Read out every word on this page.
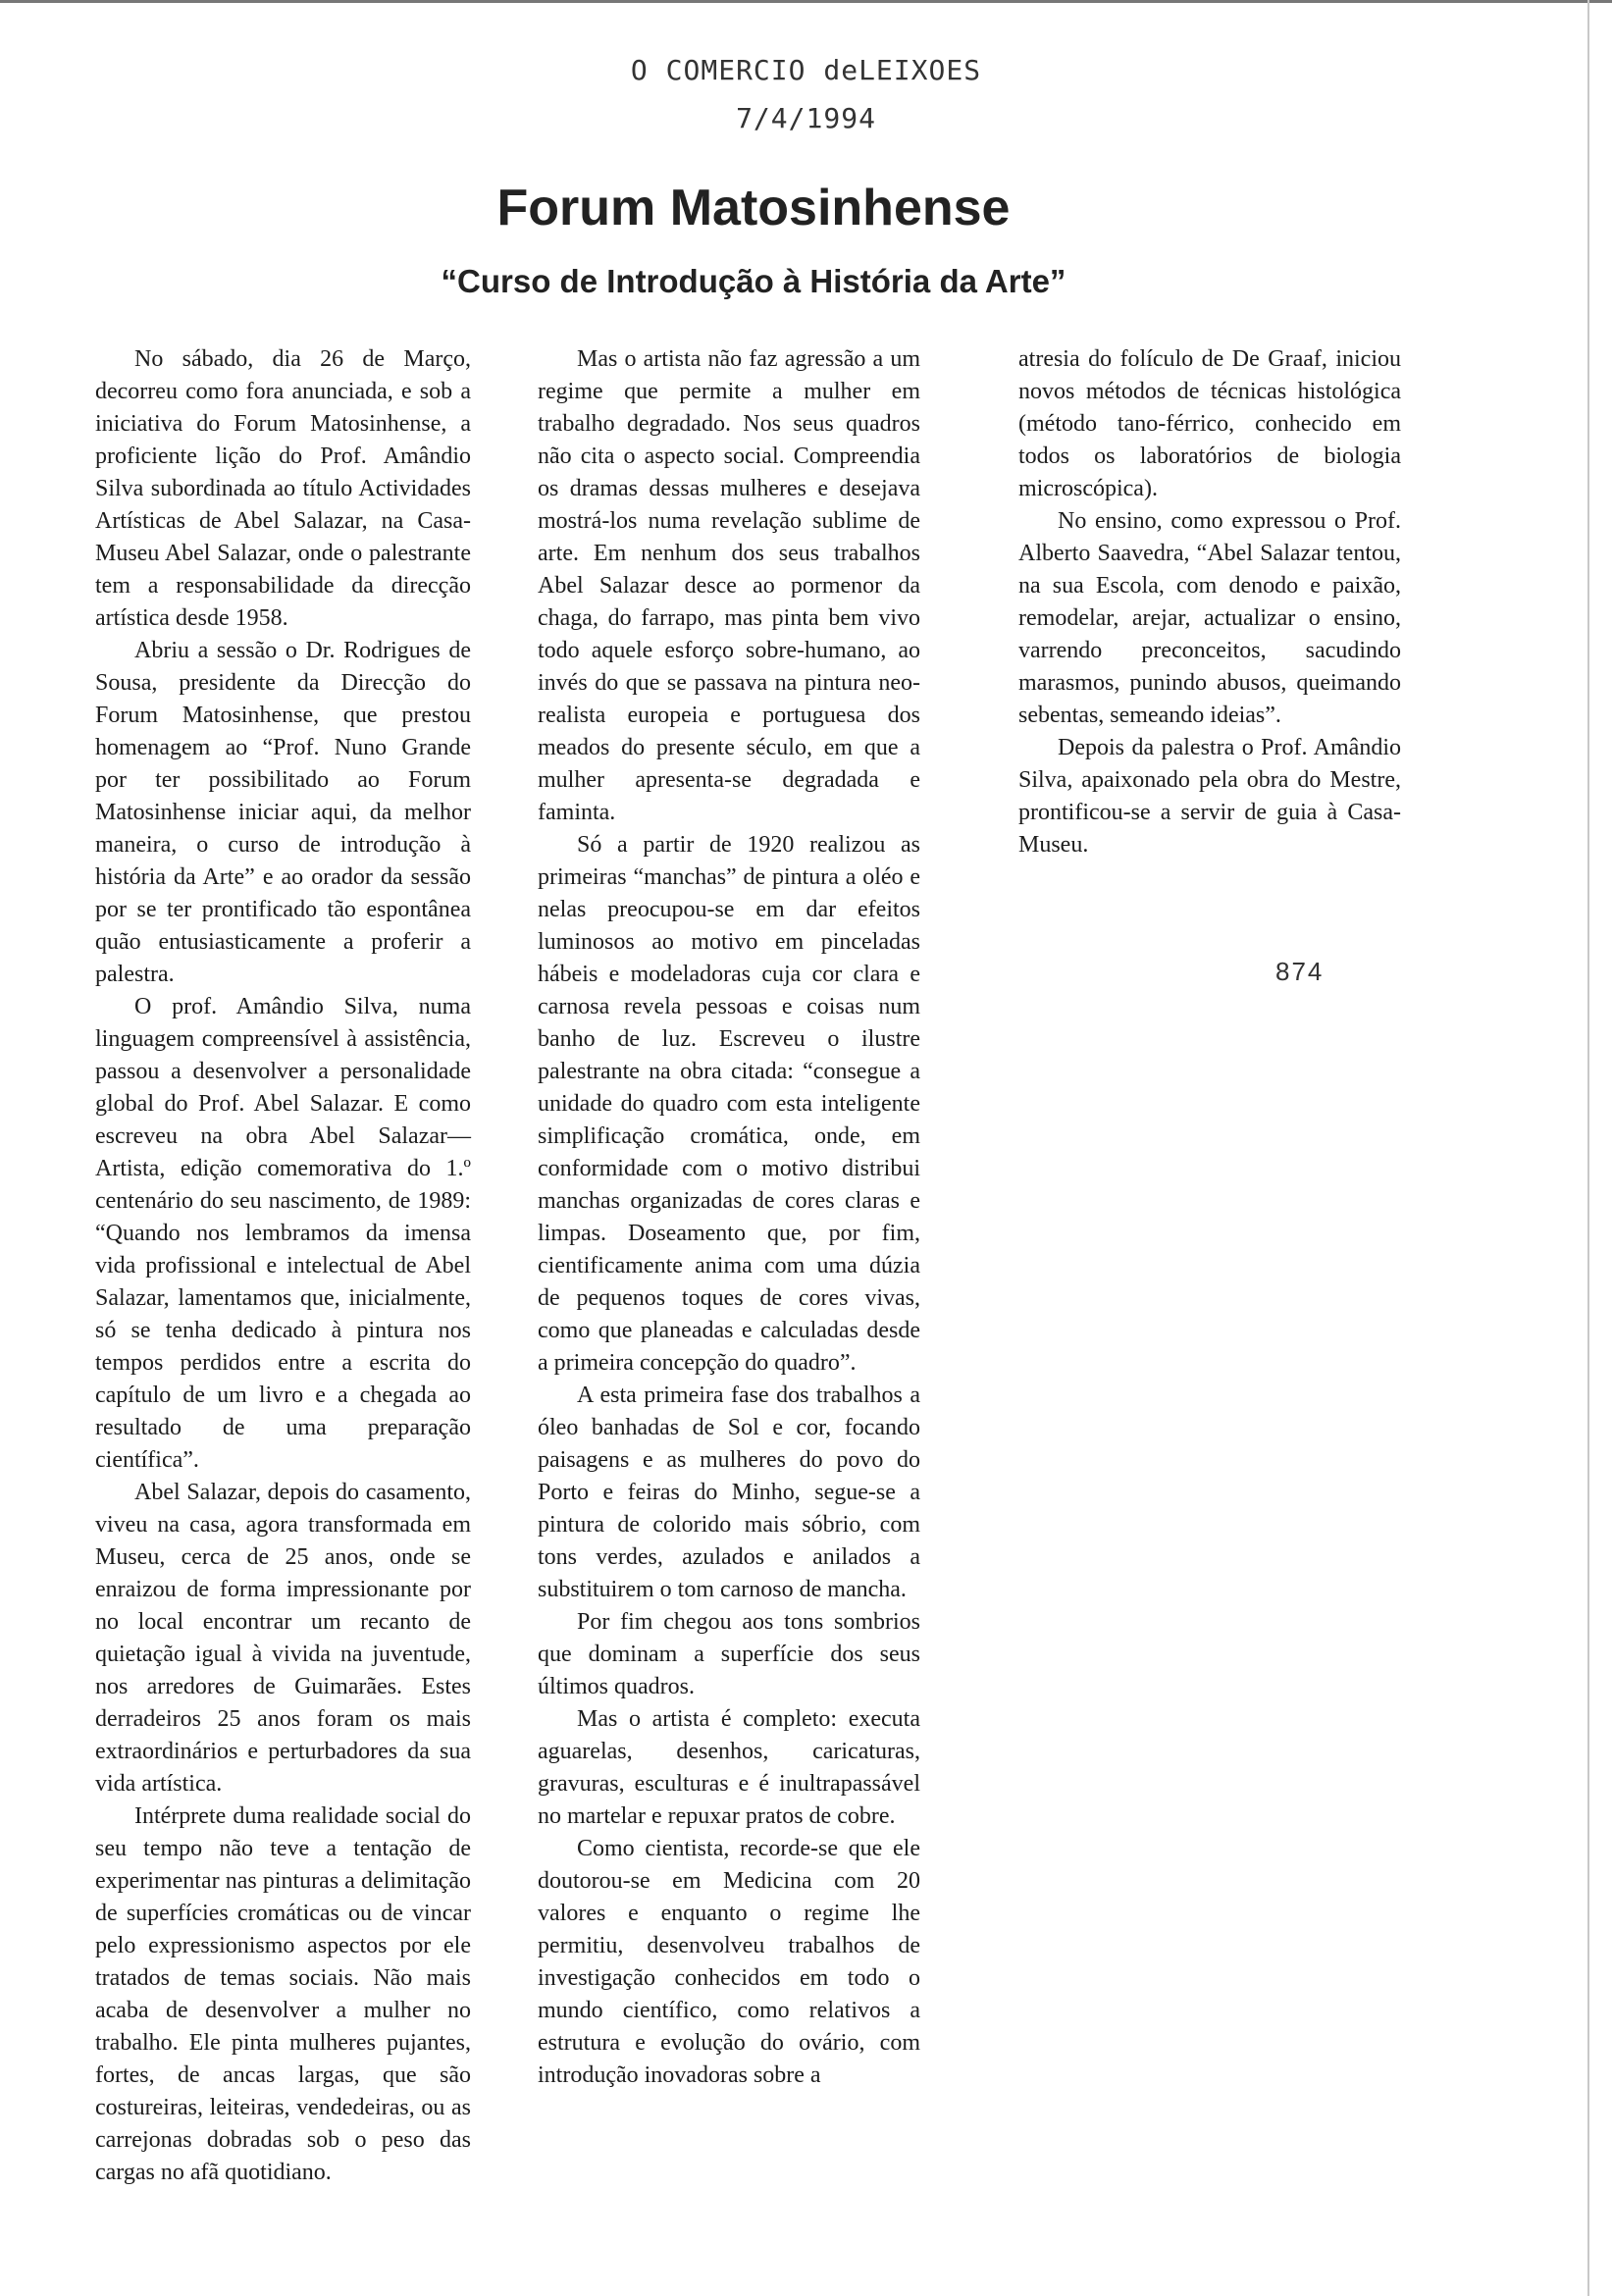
O COMERCIO deLEIXOES
7/4/1994
Forum Matosinhense
“Curso de Introdução à História da Arte”

No sábado, dia 26 de Março, decorreu como fora anunciada, e sob a iniciativa do Forum Matosinhense, a proficiente lição do Prof. Amândio Silva subordinada ao título Actividades Artísticas de Abel Salazar, na Casa-Museu Abel Salazar, onde o palestrante tem a responsabilidade da direcção artística desde 1958.

Abriu a sessão o Dr. Rodrigues de Sousa, presidente da Direcção do Forum Matosinhense, que prestou homenagem ao “Prof. Nuno Grande por ter possibilitado ao Forum Matosinhense iniciar aqui, da melhor maneira, o curso de introdução à história da Arte” e ao orador da sessão por se ter prontificado tão espontânea quão entusiasticamente a proferir a palestra.

O prof. Amândio Silva, numa linguagem compreensível à assistência, passou a desenvolver a personalidade global do Prof. Abel Salazar. E como escreveu na obra Abel Salazar—Artista, edição comemorativa do 1.º centenário do seu nascimento, de 1989: “Quando nos lembramos da imensa vida profissional e intelectual de Abel Salazar, lamentamos que, inicialmente, só se tenha dedicado à pintura nos tempos perdidos entre a escrita do capítulo de um livro e a chegada ao resultado de uma preparação científica”.

Abel Salazar, depois do casamento, viveu na casa, agora transformada em Museu, cerca de 25 anos, onde se enraizou de forma impressionante por no local encontrar um recanto de quietação igual à vivida na juventude, nos arredores de Guimarães. Estes derradeiros 25 anos foram os mais extraordinários e perturbadores da sua vida artística.

Intérprete duma realidade social do seu tempo não teve a tentação de experimentar nas pinturas a delimitação de superfícies cromáticas ou de vincar pelo expressionismo aspectos por ele tratados de temas sociais. Não mais acaba de desenvolver a mulher no trabalho. Ele pinta mulheres pujantes, fortes, de ancas largas, que são costureiras, leiteiras, vendedeiras, ou as carrejonas dobradas sob o peso das cargas no afã quotidiano.

Mas o artista não faz agressão a um regime que permite a mulher em trabalho degradado. Nos seus quadros não cita o aspecto social. Compreendia os dramas dessas mulheres e desejava mostrá-los numa revelação sublime de arte. Em nenhum dos seus trabalhos Abel Salazar desce ao pormenor da chaga, do farrapo, mas pinta bem vivo todo aquele esforço sobre-humano, ao invés do que se passava na pintura neo-realista europeia e portuguesa dos meados do presente século, em que a mulher apresenta-se degradada e faminta.

Só a partir de 1920 realizou as primeiras “manchas” de pintura a oléo e nelas preocupou-se em dar efeitos luminosos ao motivo em pinceladas hábeis e modeladoras cuja cor clara e carnosa revela pessoas e coisas num banho de luz. Escreveu o ilustre palestrante na obra citada: “consegue a unidade do quadro com esta inteligente simplificação cromática, onde, em conformidade com o motivo distribui manchas organizadas de cores claras e limpas. Doseamento que, por fim, cientificamente anima com uma dúzia de pequenos toques de cores vivas, como que planeadas e calculadas desde a primeira concepção do quadro”.

A esta primeira fase dos trabalhos a óleo banhadas de Sol e cor, focando paisagens e as mulheres do povo do Porto e feiras do Minho, segue-se a pintura de colorido mais sóbrio, com tons verdes, azulados e anilados a substituirem o tom carnoso de mancha.

Por fim chegou aos tons sombrios que dominam a superfície dos seus últimos quadros.

Mas o artista é completo: executa aguarelas, desenhos, caricaturas, gravuras, esculturas e é inultrapassável no martelar e repuxar pratos de cobre.

Como cientista, recorde-se que ele doutorou-se em Medicina com 20 valores e enquanto o regime lhe permitiu, desenvolveu trabalhos de investigação conhecidos em todo o mundo científico, como relativos a estrutura e evolução do ovário, com introdução inovadoras sobre a

atresia do folículo de De Graaf, iniciou novos métodos de técnicas histológica (método tano-férrico, conhecido em todos os laboratórios de biologia microscópica).

No ensino, como expressou o Prof. Alberto Saavedra, “Abel Salazar tentou, na sua Escola, com denodo e paixão, remodelar, arejar, actualizar o ensino, varrendo preconceitos, sacudindo marasmos, punindo abusos, queimando sebentas, semeando ideias”.

Depois da palestra o Prof. Amândio Silva, apaixonado pela obra do Mestre, prontificou-se a servir de guia à Casa-Museu.

874
